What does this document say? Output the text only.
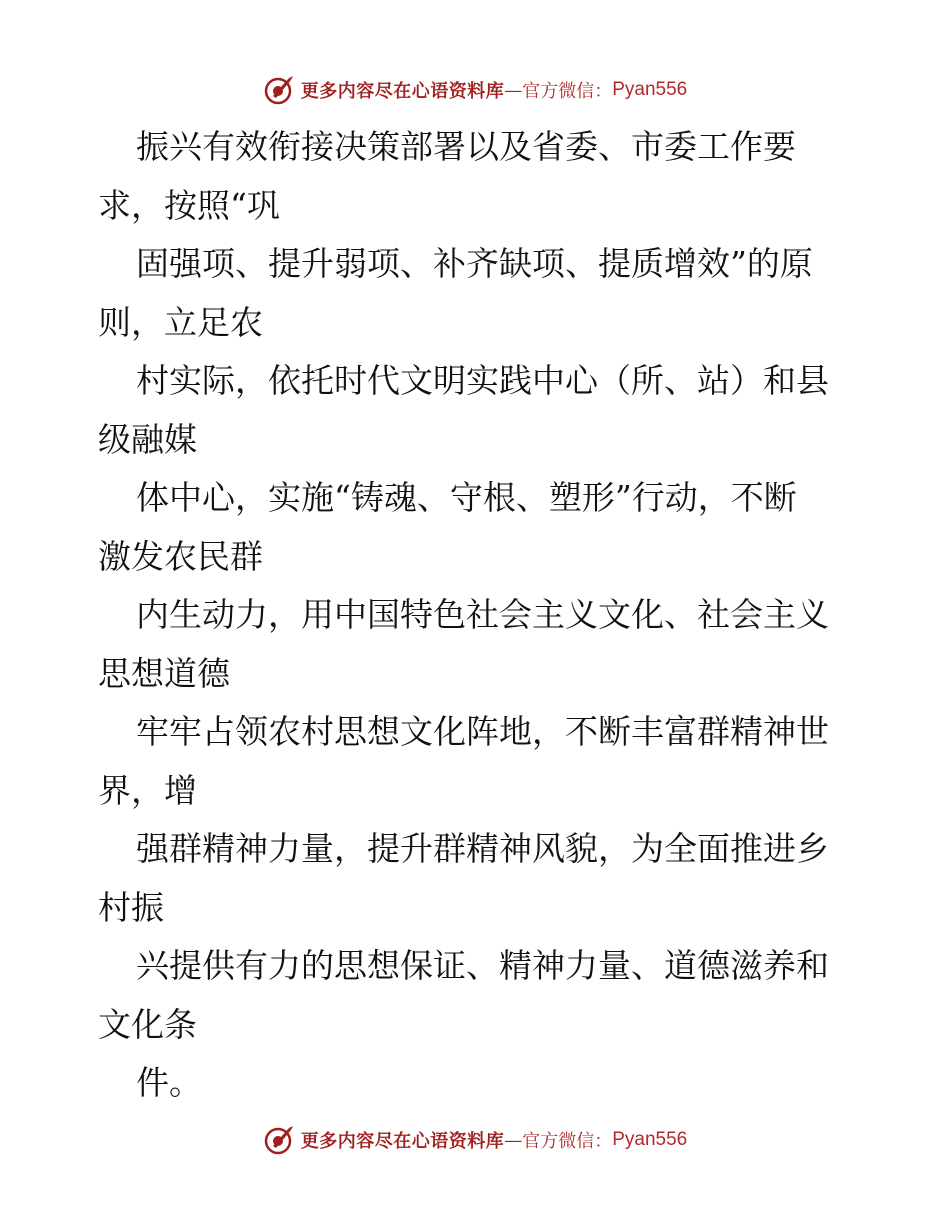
更多内容尽在心语资料库 — 官方微信： Pyan556
振兴有效衔接决策部署以及省委、市委工作要
求，按照“巩
固强项、提升弱项、补齐缺项、提质增效”的原
则，立足农
村实际，依托时代文明实践中心（所、站）和县
级融媒
体中心，实施“铸魂、守根、塑形”行动，不断
激发农民群
内生动力，用中国特色社会主义文化、社会主义
思想道德
牢牢占领农村思想文化阵地，不断丰富群精神世
界，增
强群精神力量，提升群精神风貌，为全面推进乡
村振
兴提供有力的思想保证、精神力量、道德滋养和
文化条
件。
更多内容尽在心语资料库 — 官方微信： Pyan556
